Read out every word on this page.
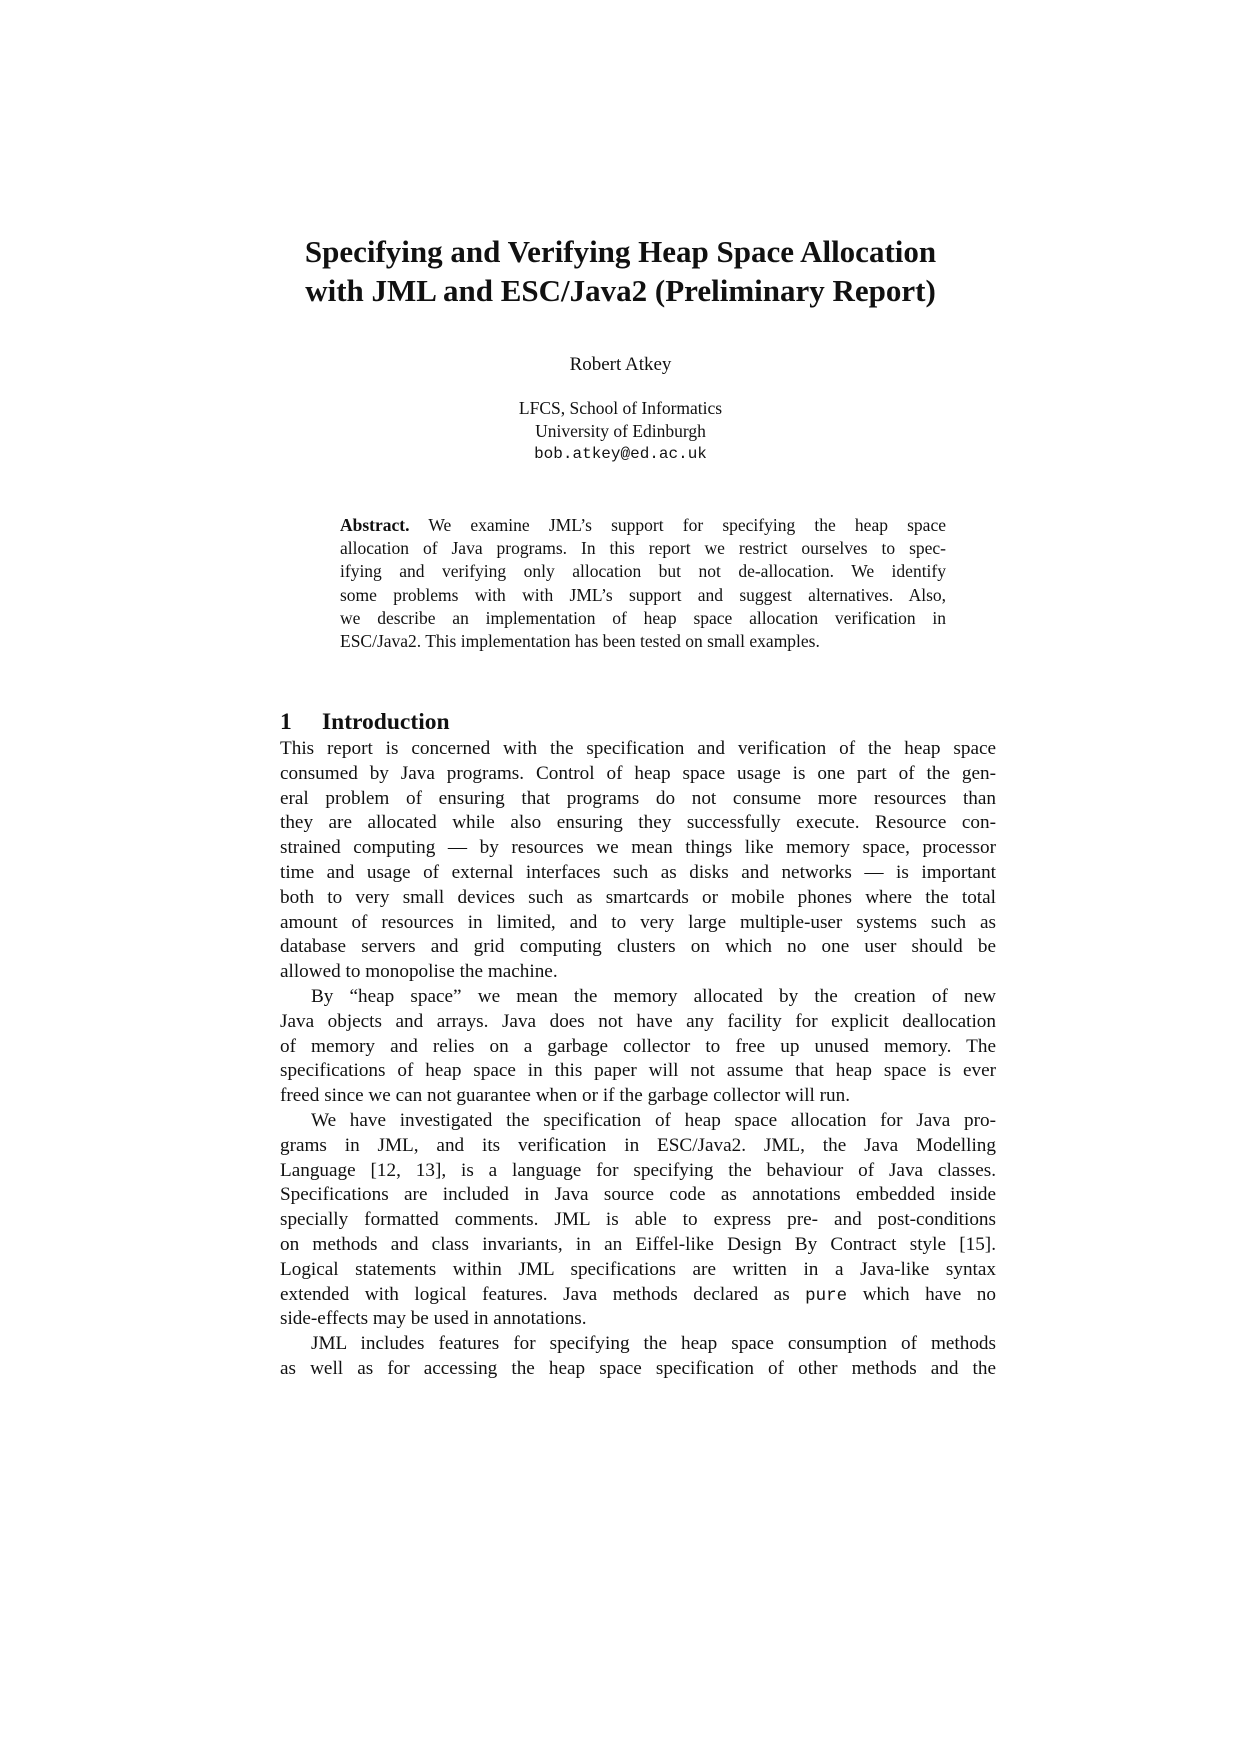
Specifying and Verifying Heap Space Allocation
with JML and ESC/Java2 (Preliminary Report)
Robert Atkey
LFCS, School of Informatics
University of Edinburgh
bob.atkey@ed.ac.uk
Abstract. We examine JML’s support for specifying the heap space
allocation of Java programs. In this report we restrict ourselves to spec-
ifying and verifying only allocation but not de-allocation. We identify
some problems with with JML’s support and suggest alternatives. Also,
we describe an implementation of heap space allocation verification in
ESC/Java2. This implementation has been tested on small examples.
1 Introduction
This report is concerned with the specification and verification of the heap space
consumed by Java programs. Control of heap space usage is one part of the gen-
eral problem of ensuring that programs do not consume more resources than
they are allocated while also ensuring they successfully execute. Resource con-
strained computing — by resources we mean things like memory space, processor
time and usage of external interfaces such as disks and networks — is important
both to very small devices such as smartcards or mobile phones where the total
amount of resources in limited, and to very large multiple-user systems such as
database servers and grid computing clusters on which no one user should be
allowed to monopolise the machine.
By “heap space” we mean the memory allocated by the creation of new
Java objects and arrays. Java does not have any facility for explicit deallocation
of memory and relies on a garbage collector to free up unused memory. The
specifications of heap space in this paper will not assume that heap space is ever
freed since we can not guarantee when or if the garbage collector will run.
We have investigated the specification of heap space allocation for Java pro-
grams in JML, and its verification in ESC/Java2. JML, the Java Modelling
Language [12, 13], is a language for specifying the behaviour of Java classes.
Specifications are included in Java source code as annotations embedded inside
specially formatted comments. JML is able to express pre- and post-conditions
on methods and class invariants, in an Eiffel-like Design By Contract style [15].
Logical statements within JML specifications are written in a Java-like syntax
extended with logical features. Java methods declared as pure which have no
side-effects may be used in annotations.
JML includes features for specifying the heap space consumption of methods
as well as for accessing the heap space specification of other methods and the
